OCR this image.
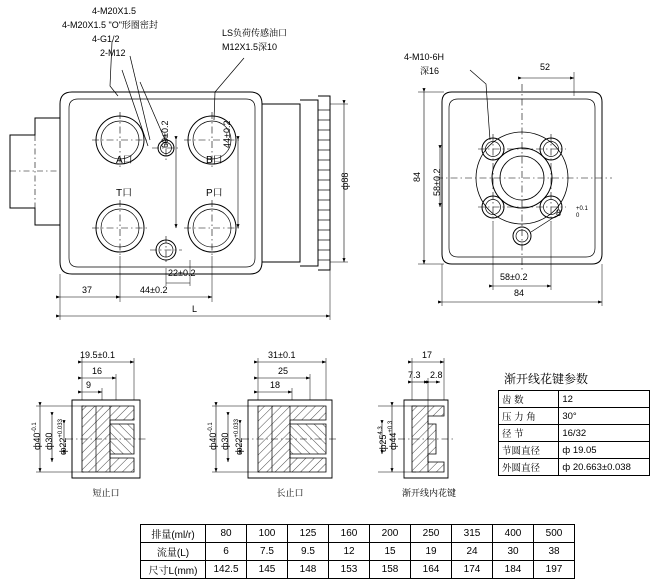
4-M20X1.5
4-M20X1.5 "O"形圈密封
4-G1/2
2-M12
LS负荷传感油口
M12X1.5深10
A口	B口
T口	P口
60±0.2	44±0.2
22±0.2
44±0.2
37
L
ф88
4-M10-6H
深16	52
84 58±0.2
58±0.2
84
8 +0.1
0
19.5±0.1
16
9
$ф40^{-0.1}$
ф30 $ф22^{+0.033}$
短止口
31±0.1
25
18
$ф40^{-0.1}$
ф30 $ф22^{+0.033}$
长止口
17
7.3 2.8
$ф44^{+0.3}$
$ф25^{4.3}$
渐开线内花键
渐开线花键参数
齿 数	12
压 力 角	30°
径 节	16/32
节圆直径	ф 19.05
外圆直径	ф 20.663±0.038
排量(ml/r)	80	100	125	160	200	250	315	400	500
流量(L)	6	7.5	9.5	12	15	19	24	30	38
尺寸L(mm)	142.5	145	148	153	158	164	174	184	197
